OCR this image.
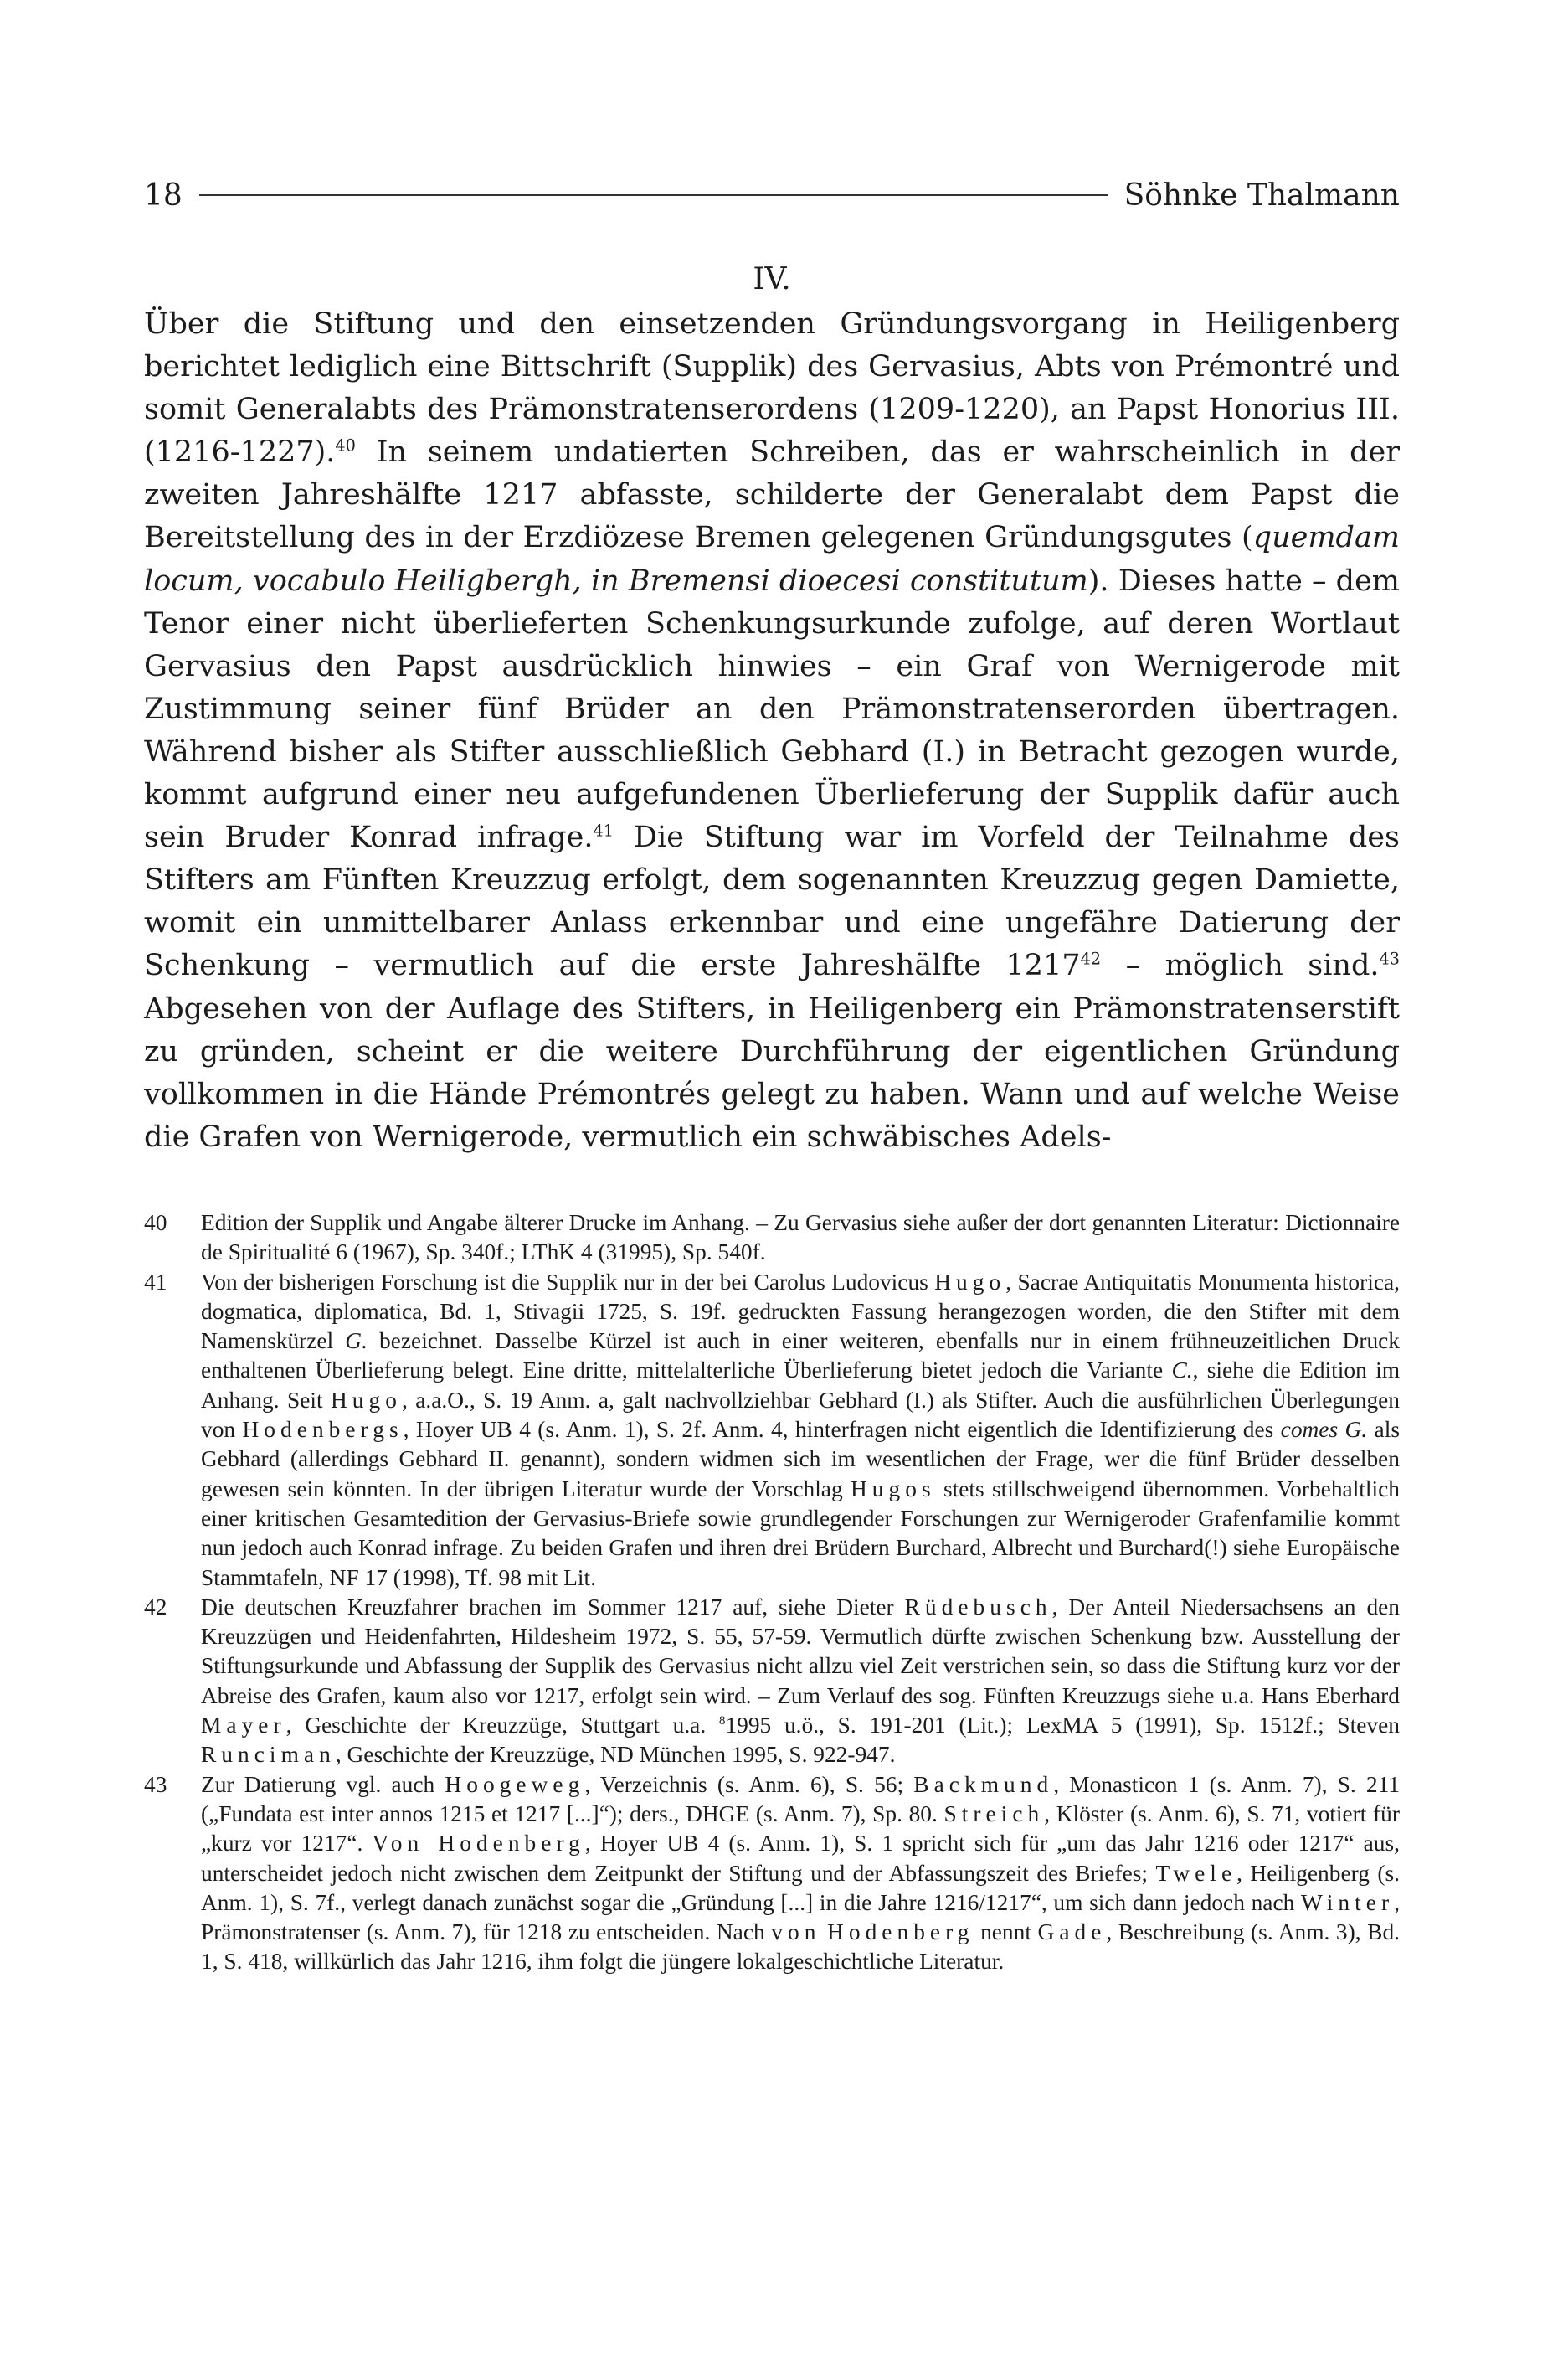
18	Söhnke Thalmann
IV.

Über die Stiftung und den einsetzenden Gründungsvorgang in Heiligenberg berichtet lediglich eine Bittschrift (Supplik) des Gervasius, Abts von Prémontré und somit Generalabts des Prämonstratenserordens (1209-1220), an Papst Honorius III. (1216-1227).$^{40}$ In seinem undatierten Schreiben, das er wahrscheinlich in der zweiten Jahreshälfte 1217 abfasste, schilderte der Generalabt dem Papst die Bereitstellung des in der Erzdiözese Bremen gelegenen Gründungsgutes (quemdam locum, vocabulo Heiligbergh, in Bremensi dioecesi constitutum). Dieses hatte – dem Tenor einer nicht überlieferten Schenkungsurkunde zufolge, auf deren Wortlaut Gervasius den Papst ausdrücklich hinwies – ein Graf von Wernigerode mit Zustimmung seiner fünf Brüder an den Prämonstratenserorden übertragen. Während bisher als Stifter ausschließlich Gebhard (I.) in Betracht gezogen wurde, kommt aufgrund einer neu aufgefundenen Überlieferung der Supplik dafür auch sein Bruder Konrad infrage.$^{41}$ Die Stiftung war im Vorfeld der Teilnahme des Stifters am Fünften Kreuzzug erfolgt, dem sogenannten Kreuzzug gegen Damiette, womit ein unmittelbarer Anlass erkennbar und eine ungefähre Datierung der Schenkung – vermutlich auf die erste Jahreshälfte 1217$^{42}$ – möglich sind.$^{43}$ Abgesehen von der Auflage des Stifters, in Heiligenberg ein Prämonstratenserstift zu gründen, scheint er die weitere Durchführung der eigentlichen Gründung vollkommen in die Hände Prémontrés gelegt zu haben. Wann und auf welche Weise die Grafen von Wernigerode, vermutlich ein schwäbisches Adels-

40 Edition der Supplik und Angabe älterer Drucke im Anhang. – Zu Gervasius siehe außer der dort genannten Literatur: Dictionnaire de Spiritualité 6 (1967), Sp. 340f.; LThK 4 (31995), Sp. 540f.

41 Von der bisherigen Forschung ist die Supplik nur in der bei Carolus Ludovicus Hugo, Sacrae Antiquitatis Monumenta historica, dogmatica, diplomatica, Bd. 1, Stivagii 1725, S. 19f. gedruckten Fassung herangezogen worden, die den Stifter mit dem Namenskürzel G. bezeichnet. Dasselbe Kürzel ist auch in einer weiteren, ebenfalls nur in einem frühneuzeitlichen Druck enthaltenen Überlieferung belegt. Eine dritte, mittelalterliche Überlieferung bietet jedoch die Variante C., siehe die Edition im Anhang. Seit Hugo, a.a.O., S. 19 Anm. a, galt nachvollziehbar Gebhard (I.) als Stifter. Auch die ausführlichen Überlegungen von Hodenbergs, Hoyer UB 4 (s. Anm. 1), S. 2f. Anm. 4, hinterfragen nicht eigentlich die Identifizierung des comes G. als Gebhard (allerdings Gebhard II. genannt), sondern widmen sich im wesentlichen der Frage, wer die fünf Brüder desselben gewesen sein könnten. In der übrigen Literatur wurde der Vorschlag Hugos stets stillschweigend übernommen. Vorbehaltlich einer kritischen Gesamtedition der Gervasius-Briefe sowie grundlegender Forschungen zur Wernigeroder Grafenfamilie kommt nun jedoch auch Konrad infrage. Zu beiden Grafen und ihren drei Brüdern Burchard, Albrecht und Burchard(!) siehe Europäische Stammtafeln, NF 17 (1998), Tf. 98 mit Lit.

42 Die deutschen Kreuzfahrer brachen im Sommer 1217 auf, siehe Dieter Rüdebusch, Der Anteil Niedersachsens an den Kreuzzügen und Heidenfahrten, Hildesheim 1972, S. 55, 57-59. Vermutlich dürfte zwischen Schenkung bzw. Ausstellung der Stiftungsurkunde und Abfassung der Supplik des Gervasius nicht allzu viel Zeit verstrichen sein, so dass die Stiftung kurz vor der Abreise des Grafen, kaum also vor 1217, erfolgt sein wird. – Zum Verlauf des sog. Fünften Kreuzzugs siehe u.a. Hans Eberhard Mayer, Geschichte der Kreuzzüge, Stuttgart u.a. $^8$1995 u.ö., S. 191-201 (Lit.); LexMA 5 (1991), Sp. 1512f.; Steven Runciman, Geschichte der Kreuzzüge, ND München 1995, S. 922-947.

43 Zur Datierung vgl. auch Hoogeweg, Verzeichnis (s. Anm. 6), S. 56; Backmund, Monasticon 1 (s. Anm. 7), S. 211 („Fundata est inter annos 1215 et 1217 [...]“); ders., DHGE (s. Anm. 7), Sp. 80. Streich, Klöster (s. Anm. 6), S. 71, votiert für „kurz vor 1217“. Von Hodenberg, Hoyer UB 4 (s. Anm. 1), S. 1 spricht sich für „um das Jahr 1216 oder 1217“ aus, unterscheidet jedoch nicht zwischen dem Zeitpunkt der Stiftung und der Abfassungszeit des Briefes; Twele, Heiligenberg (s. Anm. 1), S. 7f., verlegt danach zunächst sogar die „Gründung [...] in die Jahre 1216/1217“, um sich dann jedoch nach Winter, Prämonstratenser (s. Anm. 7), für 1218 zu entscheiden. Nach von Hodenberg nennt Gade, Beschreibung (s. Anm. 3), Bd. 1, S. 418, willkürlich das Jahr 1216, ihm folgt die jüngere lokalgeschichtliche Literatur.
